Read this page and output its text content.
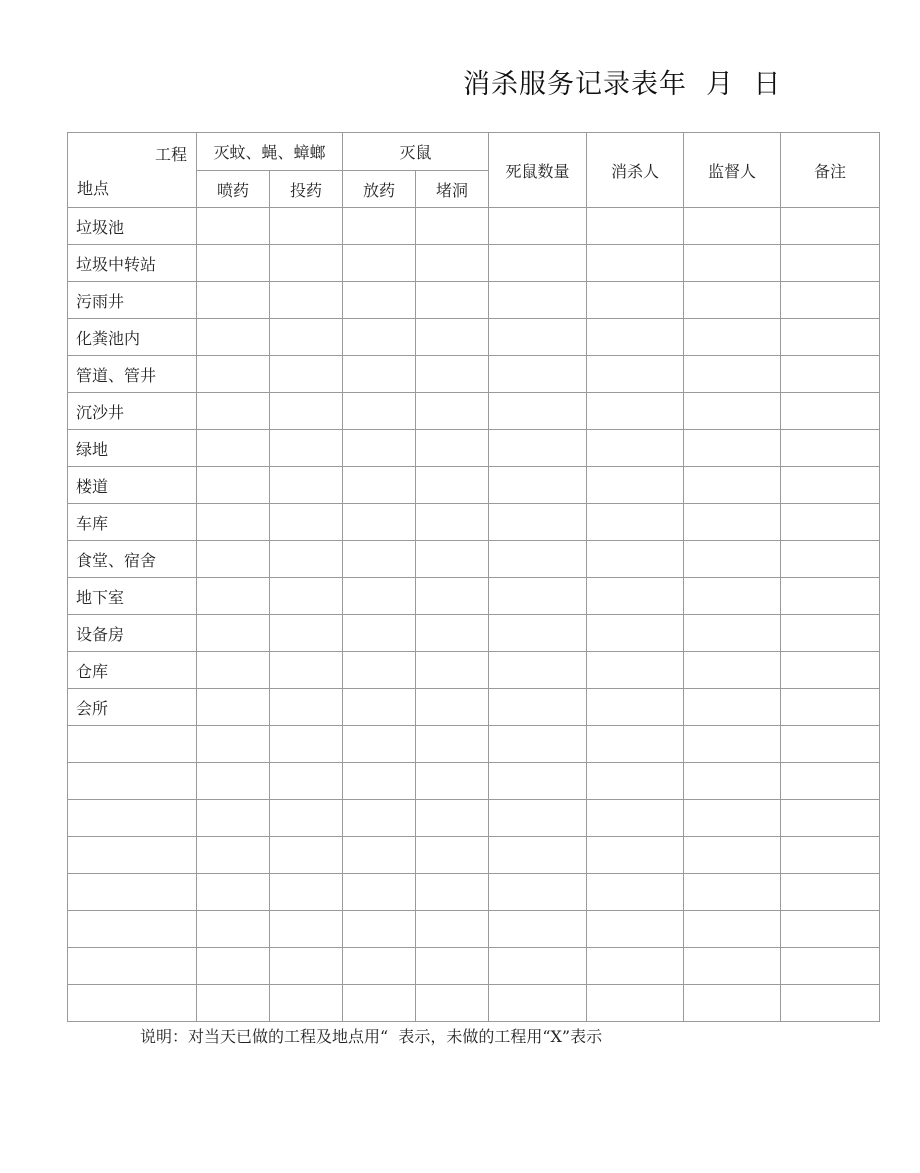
消杀服务记录表年  月  日
工程
地点	灭蚊、蝇、蟑螂		灭鼠		死鼠数量	消杀人	监督人	备注
	喷药	投药	放药	堵洞				
垃圾池								
垃圾中转站								
污雨井								
化粪池内								
管道、管井								
沉沙井								
绿地								
楼道								
车库								
食堂、宿舍								
地下室								
设备房								
仓库								
会所								

说明：对当天已做的工程及地点用“  表示，未做的工程用“X”表示
